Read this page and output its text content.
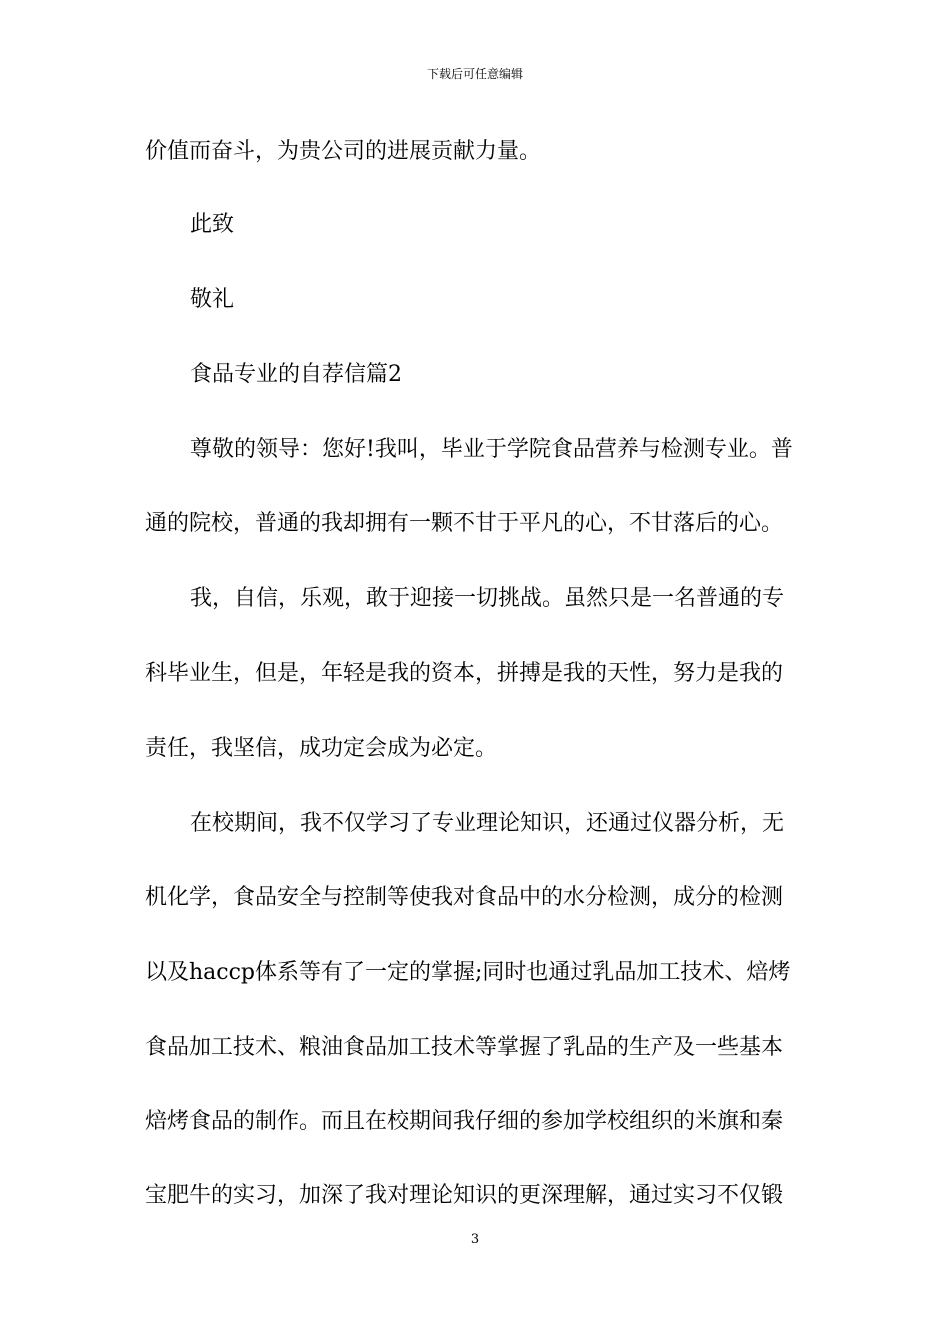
下载后可任意编辑
价值而奋斗，为贵公司的进展贡献力量。
此致
敬礼
食品专业的自荐信篇2
尊敬的领导：您好!我叫，毕业于学院食品营养与检测专业。普
通的院校，普通的我却拥有一颗不甘于平凡的心，不甘落后的心。
我，自信，乐观，敢于迎接一切挑战。虽然只是一名普通的专
科毕业生，但是，年轻是我的资本，拼搏是我的天性，努力是我的
责任，我坚信，成功定会成为必定。
在校期间，我不仅学习了专业理论知识，还通过仪器分析，无
机化学，食品安全与控制等使我对食品中的水分检测，成分的检测
以及haccp体系等有了一定的掌握;同时也通过乳品加工技术、焙烤
食品加工技术、粮油食品加工技术等掌握了乳品的生产及一些基本
焙烤食品的制作。而且在校期间我仔细的参加学校组织的米旗和秦
宝肥牛的实习，加深了我对理论知识的更深理解，通过实习不仅锻
3
